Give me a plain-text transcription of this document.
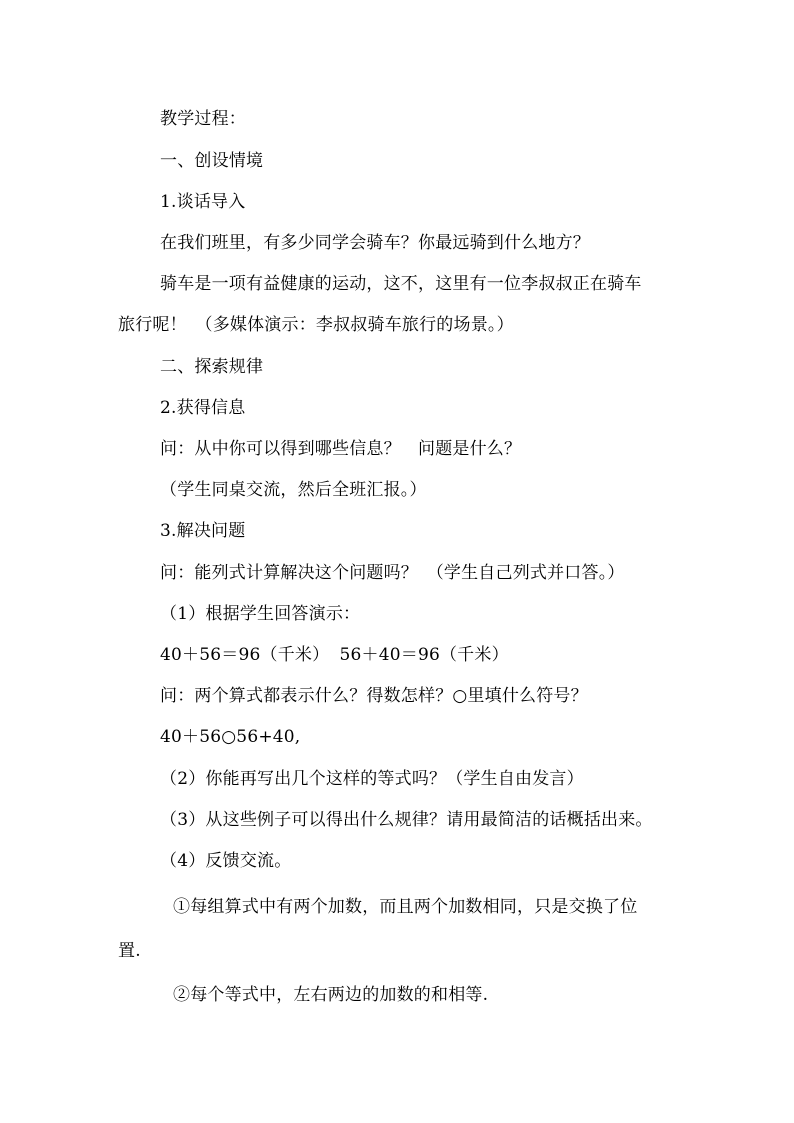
教学过程：
一、创设情境
1.谈话导入
在我们班里，有多少同学会骑车？你最远骑到什么地方？
骑车是一项有益健康的运动，这不，这里有一位李叔叔正在骑车
旅行呢！　（多媒体演示：李叔叔骑车旅行的场景。）
二、探索规律
2.获得信息
问：从中你可以得到哪些信息？　问题是什么？
（学生同桌交流，然后全班汇报。）
3.解决问题
问：能列式计算解决这个问题吗？　（学生自己列式并口答。）
（1）根据学生回答演示：
40＋56＝96（千米） 56＋40＝96（千米）
问：两个算式都表示什么？得数怎样？○里填什么符号？
40＋56○56+40,
（2）你能再写出几个这样的等式吗？（学生自由发言）
（3）从这些例子可以得出什么规律？请用最简洁的话概括出来。
（4）反馈交流。
①每组算式中有两个加数，而且两个加数相同，只是交换了位
置.
②每个等式中，左右两边的加数的和相等.
